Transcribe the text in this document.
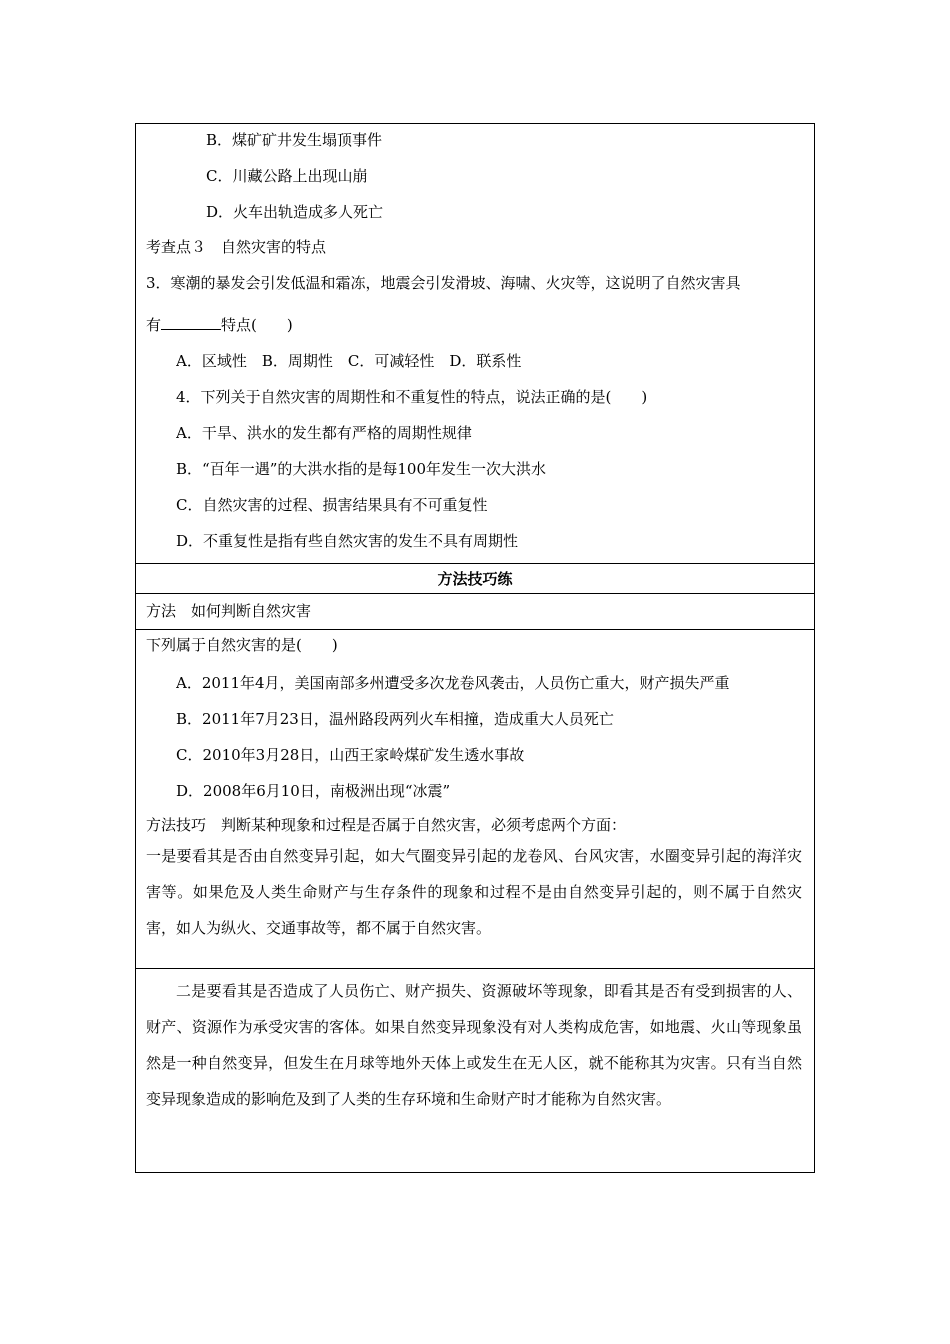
B．煤矿矿井发生塌顶事件
C．川藏公路上出现山崩
D．火车出轨造成多人死亡
考查点３　自然灾害的特点
3．寒潮的暴发会引发低温和霜冻，地震会引发滑坡、海啸、火灾等，这说明了自然灾害具
有	特点(　　)
A．区域性　B．周期性　C．可减轻性　D．联系性
4．下列关于自然灾害的周期性和不重复性的特点，说法正确的是(　　)
A．干旱、洪水的发生都有严格的周期性规律
B．“百年一遇”的大洪水指的是每100年发生一次大洪水
C．自然灾害的过程、损害结果具有不可重复性
D．不重复性是指有些自然灾害的发生不具有周期性
方法技巧练
方法　如何判断自然灾害
下列属于自然灾害的是(　　)
A．2011年4月，美国南部多州遭受多次龙卷风袭击，人员伤亡重大，财产损失严重
B．2011年7月23日，温州路段两列火车相撞，造成重大人员死亡
C．2010年3月28日，山西王家岭煤矿发生透水事故
D．2008年6月10日，南极洲出现“冰震”
方法技巧　判断某种现象和过程是否属于自然灾害，必须考虑两个方面：
一是要看其是否由自然变异引起，如大气圈变异引起的龙卷风、台风灾害，水圈变异引起的海洋灾害等。如果危及人类生命财产与生存条件的现象和过程不是由自然变异引起的，则不属于自然灾害，如人为纵火、交通事故等，都不属于自然灾害。
二是要看其是否造成了人员伤亡、财产损失、资源破坏等现象，即看其是否有受到损害的人、财产、资源作为承受灾害的客体。如果自然变异现象没有对人类构成危害，如地震、火山等现象虽然是一种自然变异，但发生在月球等地外天体上或发生在无人区，就不能称其为灾害。只有当自然变异现象造成的影响危及到了人类的生存环境和生命财产时才能称为自然灾害。
